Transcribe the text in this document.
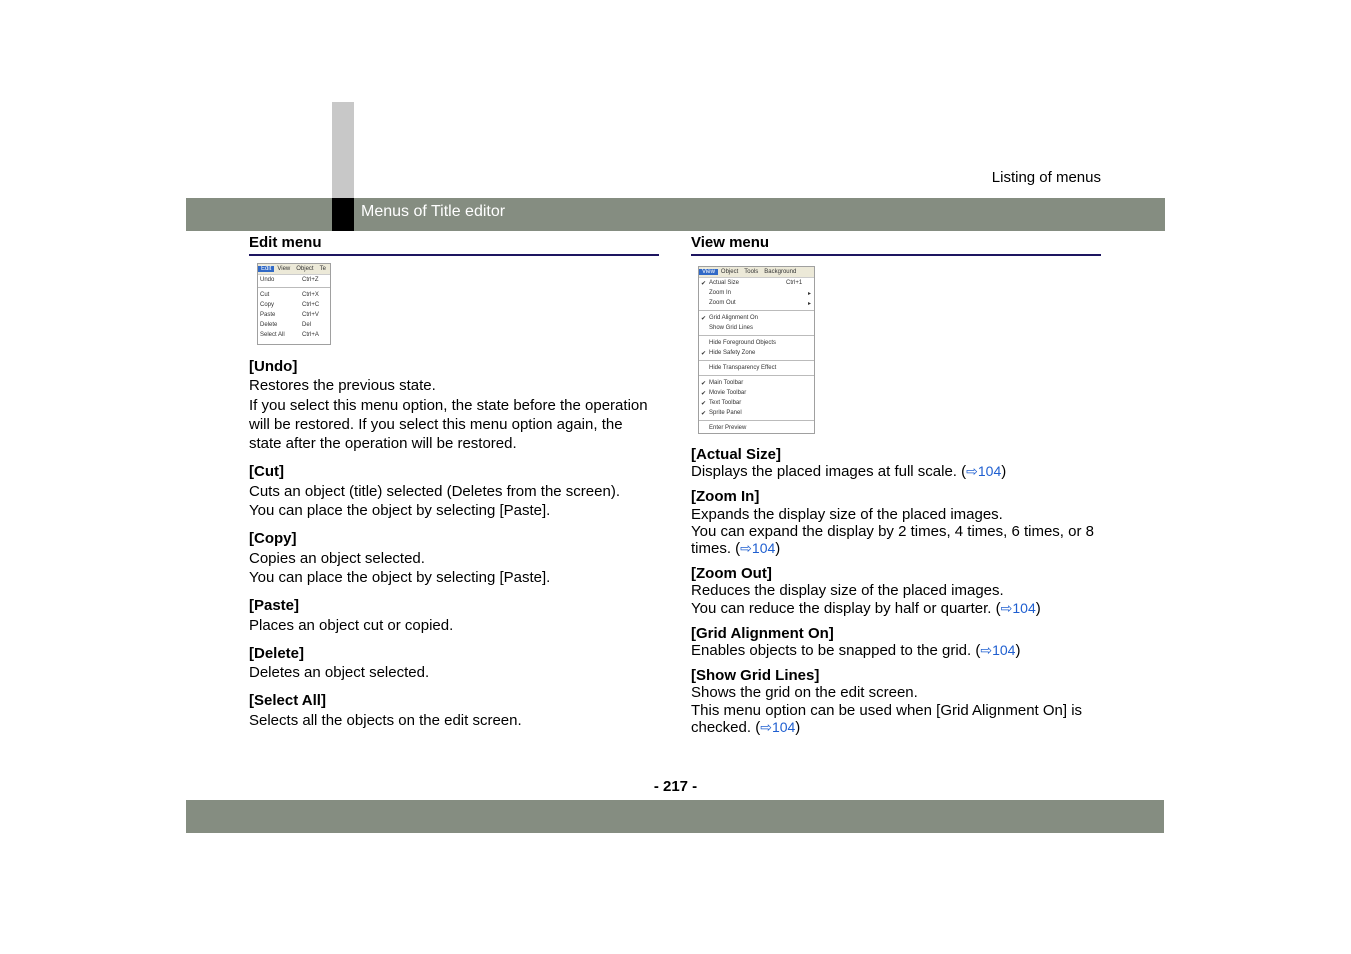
Listing of menus
Menus of Title editor
Edit menu
Edit	View	Object	Te
Undo	Ctrl+Z
Cut	Ctrl+X
Copy	Ctrl+C
Paste	Ctrl+V
Delete	Del
Select All	Ctrl+A
[Undo]
Restores the previous state.
If you select this menu option, the state before the operation will be restored. If you select this menu option again, the state after the operation will be restored.
[Cut]
Cuts an object (title) selected (Deletes from the screen).
You can place the object by selecting [Paste].
[Copy]
Copies an object selected.
You can place the object by selecting [Paste].
[Paste]
Places an object cut or copied.
[Delete]
Deletes an object selected.
[Select All]
Selects all the objects on the edit screen.
View menu
View	Object	Tools	Background
✔ Actual Size	Ctrl+1
Zoom In	▸
Zoom Out	▸
✔ Grid Alignment On
Show Grid Lines
Hide Foreground Objects
✔ Hide Safety Zone
Hide Transparency Effect
✔ Main Toolbar
✔ Movie Toolbar
✔ Text Toolbar
✔ Sprite Panel
Enter Preview
[Actual Size]
Displays the placed images at full scale. (⇨104)
[Zoom In]
Expands the display size of the placed images.
You can expand the display by 2 times, 4 times, 6 times, or 8 times. (⇨104)
[Zoom Out]
Reduces the display size of the placed images.
You can reduce the display by half or quarter. (⇨104)
[Grid Alignment On]
Enables objects to be snapped to the grid. (⇨104)
[Show Grid Lines]
Shows the grid on the edit screen.
This menu option can be used when [Grid Alignment On] is checked. (⇨104)
- 217 -
